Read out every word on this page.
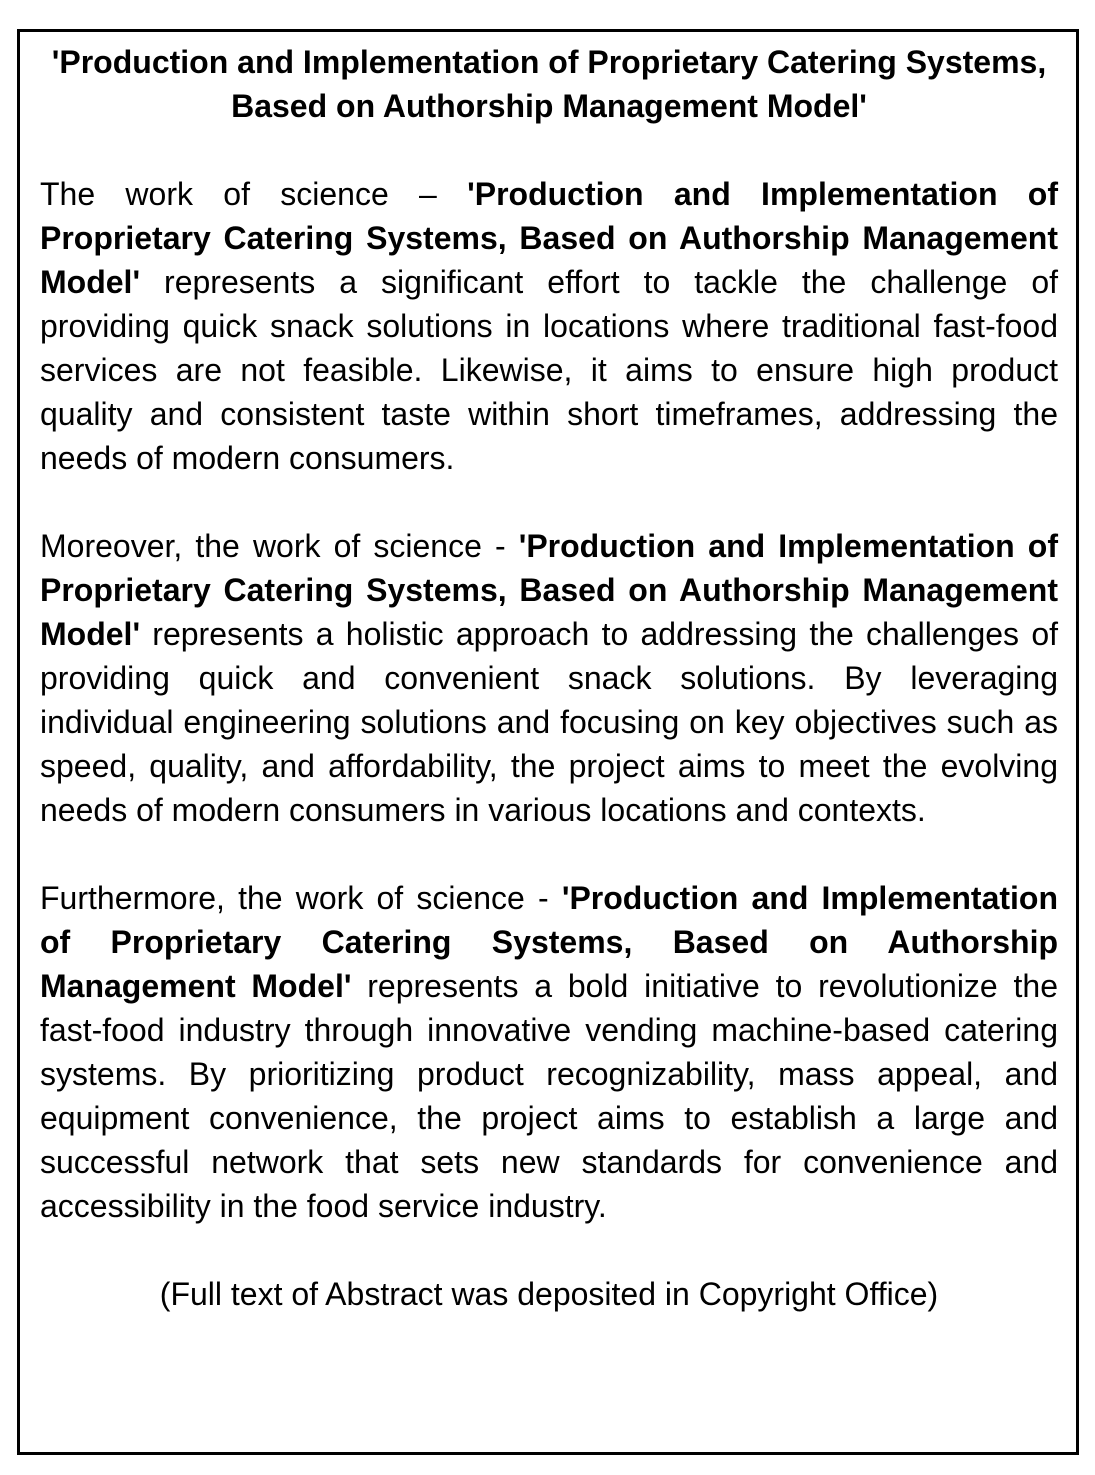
'Production and Implementation of Proprietary Catering Systems, Based on Authorship Management Model'

The work of science – 'Production and Implementation of Proprietary Catering Systems, Based on Authorship Management Model' represents a significant effort to tackle the challenge of providing quick snack solutions in locations where traditional fast-food services are not feasible. Likewise, it aims to ensure high product quality and consistent taste within short timeframes, addressing the needs of modern consumers.

Moreover, the work of science - 'Production and Implementation of Proprietary Catering Systems, Based on Authorship Management Model' represents a holistic approach to addressing the challenges of providing quick and convenient snack solutions. By leveraging individual engineering solutions and focusing on key objectives such as speed, quality, and affordability, the project aims to meet the evolving needs of modern consumers in various locations and contexts.

Furthermore, the work of science - 'Production and Implementation of Proprietary Catering Systems, Based on Authorship Management Model' represents a bold initiative to revolutionize the fast-food industry through innovative vending machine-based catering systems. By prioritizing product recognizability, mass appeal, and equipment convenience, the project aims to establish a large and successful network that sets new standards for convenience and accessibility in the food service industry.

(Full text of Abstract was deposited in Copyright Office)
